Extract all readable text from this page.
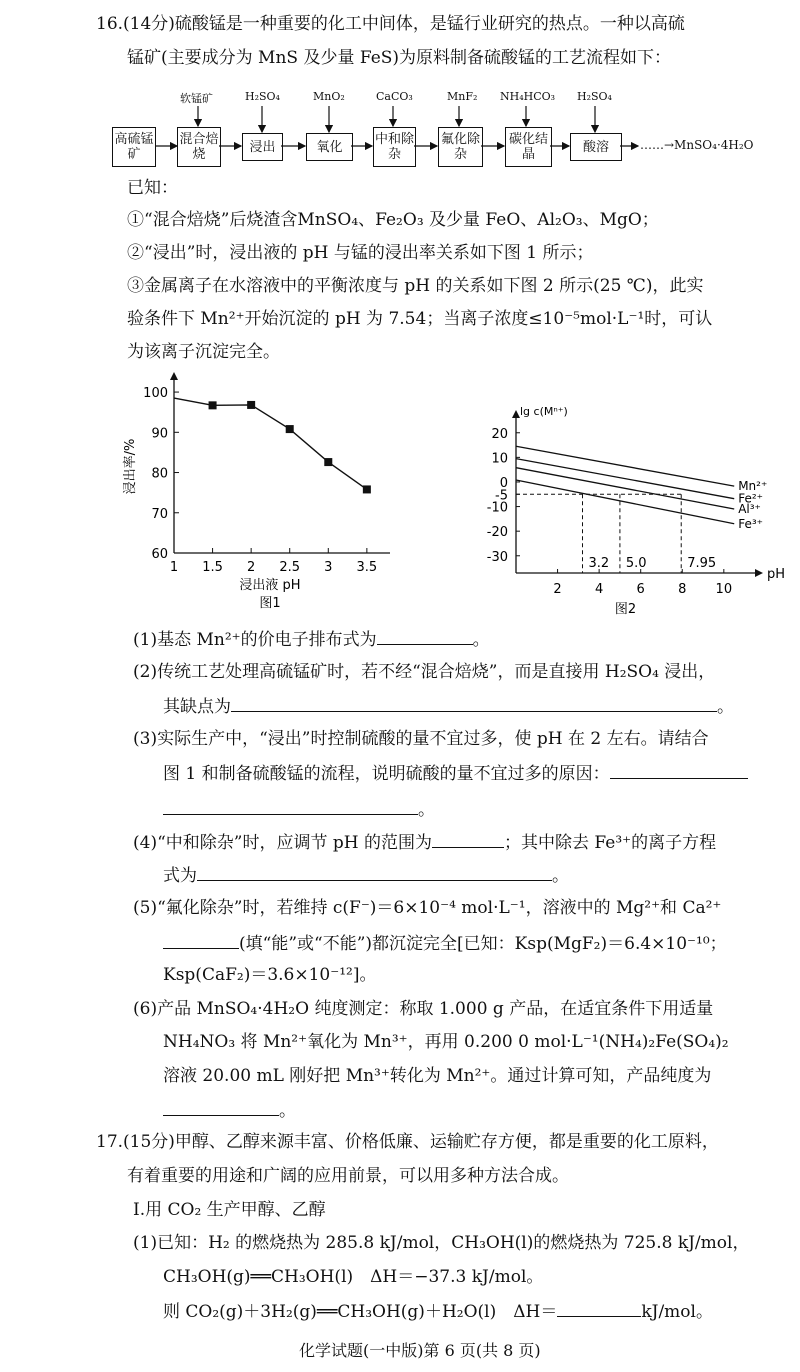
16.(14分)硫酸锰是一种重要的化工中间体，是锰行业研究的热点。一种以高硫
锰矿(主要成分为 MnS 及少量 FeS)为原料制备硫酸锰的工艺流程如下：
软锰矿	H₂SO₄	MnO₂	CaCO₃	MnF₂ NH₄HCO₃ H₂SO₄
高硫锰矿
混合焙烧	浸出	氧化	中和除杂
氟化除杂
碳化结晶	酸溶	……→MnSO₄·4H₂O
已知：
①“混合焙烧”后烧渣含MnSO₄、Fe₂O₃ 及少量 FeO、Al₂O₃、MgO；
②“浸出”时，浸出液的 pH 与锰的浸出率关系如下图 1 所示；
③金属离子在水溶液中的平衡浓度与 pH 的关系如下图 2 所示(25 ℃)，此实
验条件下 Mn²⁺开始沉淀的 pH 为 7.54；当离子浓度≤10⁻⁵mol·L⁻¹时，可认
为该离子沉淀完全。
1 1.5 2 2.5 3 3.5
60
70
80
90
100
浸出率/%
浸出液 pH
图1
lg c(Mⁿ⁺)
pH
2	4	6	8 10
20
10
0
-5
-10
-20
-30	3.2 5.0	7.95
Mn²⁺
Fe²⁺
Al³⁺
Fe³⁺
图2
(1)基态 Mn²⁺的价电子排布式为	。
(2)传统工艺处理高硫锰矿时，若不经“混合焙烧”，而是直接用 H₂SO₄ 浸出，
其缺点为	。
(3)实际生产中，“浸出”时控制硫酸的量不宜过多，使 pH 在 2 左右。请结合
图 1 和制备硫酸锰的流程，说明硫酸的量不宜过多的原因：
。
(4)“中和除杂”时，应调节 pH 的范围为	；其中除去 Fe³⁺的离子方程
式为	。
(5)“氟化除杂”时，若维持 c(F⁻)＝6×10⁻⁴ mol·L⁻¹，溶液中的 Mg²⁺和 Ca²⁺
(填“能”或“不能”)都沉淀完全[已知：Ksp(MgF₂)＝6.4×10⁻¹⁰；
Ksp(CaF₂)＝3.6×10⁻¹²]。
(6)产品 MnSO₄·4H₂O 纯度测定：称取 1.000 g 产品，在适宜条件下用适量
NH₄NO₃ 将 Mn²⁺氧化为 Mn³⁺，再用 0.200 0 mol·L⁻¹(NH₄)₂Fe(SO₄)₂
溶液 20.00 mL 刚好把 Mn³⁺转化为 Mn²⁺。通过计算可知，产品纯度为
。
17.(15分)甲醇、乙醇来源丰富、价格低廉、运输贮存方便，都是重要的化工原料，
有着重要的用途和广阔的应用前景，可以用多种方法合成。
Ⅰ.用 CO₂ 生产甲醇、乙醇
(1)已知：H₂ 的燃烧热为 285.8 kJ/mol，CH₃OH(l)的燃烧热为 725.8 kJ/mol，
CH₃OH(g)══CH₃OH(l)　ΔH＝−37.3 kJ/mol。
则 CO₂(g)＋3H₂(g)══CH₃OH(g)＋H₂O(l)　ΔH＝	kJ/mol。
化学试题(一中版)第 6 页(共 8 页)
